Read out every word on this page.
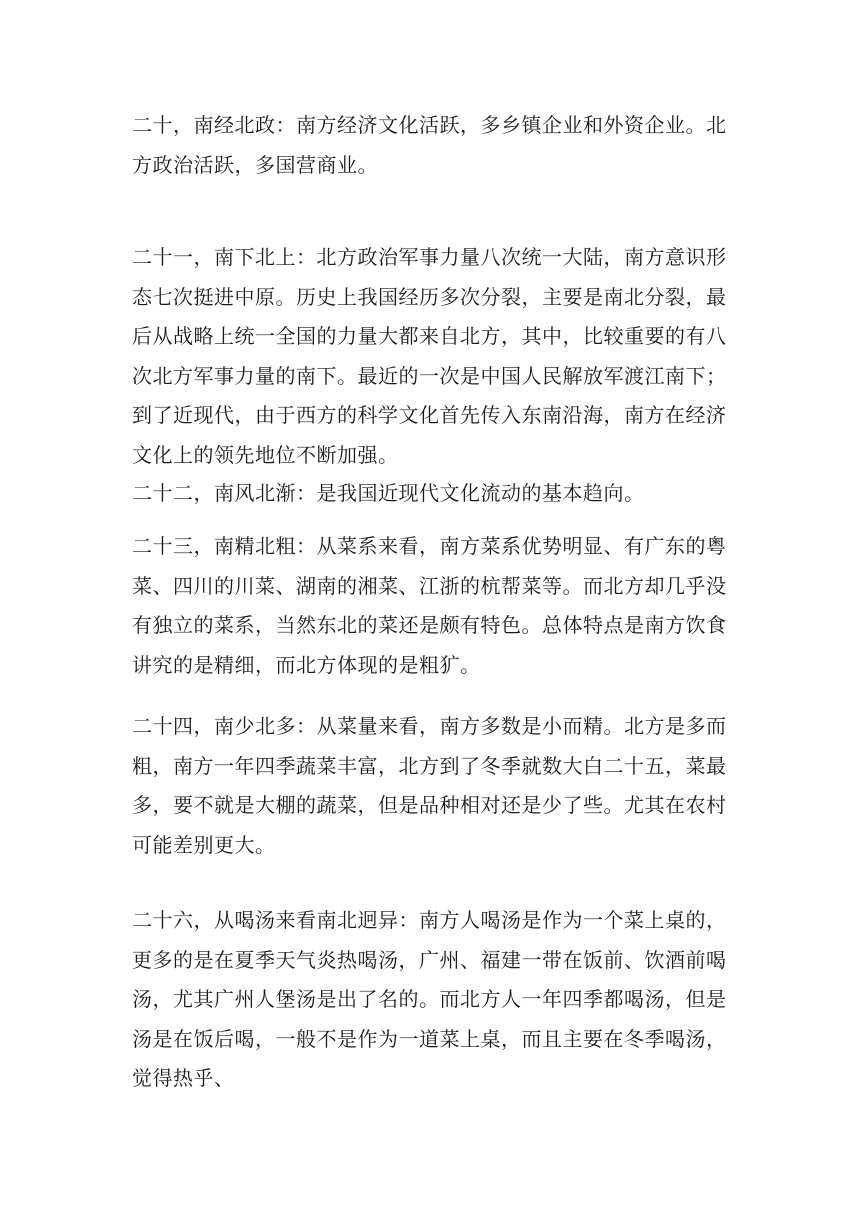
二十，南经北政：南方经济文化活跃，多乡镇企业和外资企业。北方政治活跃，多国营商业。

二十一，南下北上：北方政治军事力量八次统一大陆，南方意识形态七次挺进中原。历史上我国经历多次分裂，主要是南北分裂，最后从战略上统一全国的力量大都来自北方，其中，比较重要的有八次北方军事力量的南下。最近的一次是中国人民解放军渡江南下；到了近现代，由于西方的科学文化首先传入东南沿海，南方在经济文化上的领先地位不断加强。

二十二，南风北渐：是我国近现代文化流动的基本趋向。

二十三，南精北粗：从菜系来看，南方菜系优势明显、有广东的粤菜、四川的川菜、湖南的湘菜、江浙的杭帮菜等。而北方却几乎没有独立的菜系，当然东北的菜还是颇有特色。总体特点是南方饮食讲究的是精细，而北方体现的是粗犷。

二十四，南少北多：从菜量来看，南方多数是小而精。北方是多而粗，南方一年四季蔬菜丰富，北方到了冬季就数大白二十五，菜最多，要不就是大棚的蔬菜，但是品种相对还是少了些。尤其在农村可能差别更大。

二十六，从喝汤来看南北迥异：南方人喝汤是作为一个菜上桌的，更多的是在夏季天气炎热喝汤，广州、福建一带在饭前、饮酒前喝汤，尤其广州人堡汤是出了名的。而北方人一年四季都喝汤，但是汤是在饭后喝，一般不是作为一道菜上桌，而且主要在冬季喝汤，觉得热乎、
